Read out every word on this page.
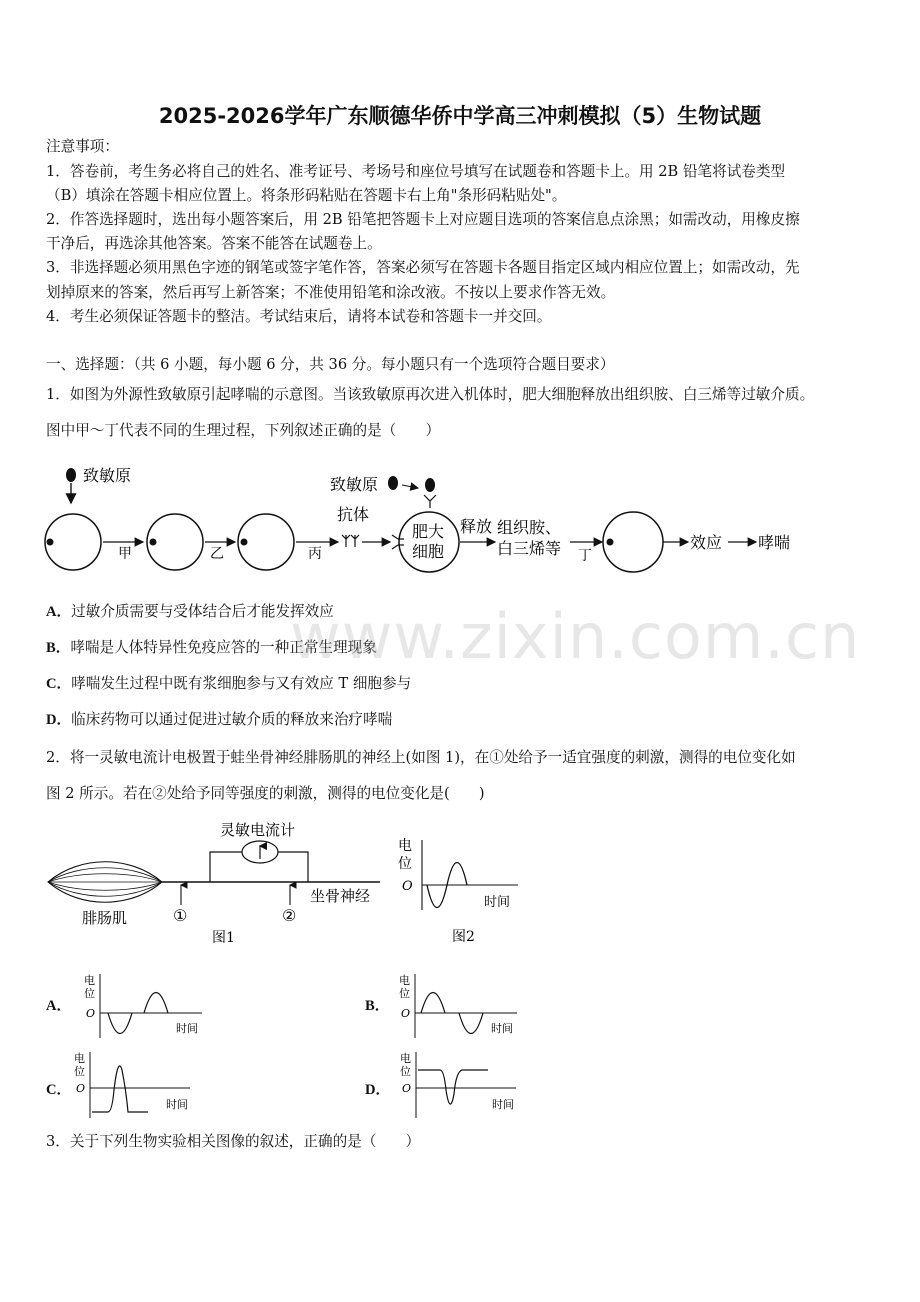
2025-2026学年广东顺德华侨中学高三冲刺模拟（5）生物试题
注意事项：
1．答卷前，考生务必将自己的姓名、准考证号、考场号和座位号填写在试题卷和答题卡上。用 2B 铅笔将试卷类型
（B）填涂在答题卡相应位置上。将条形码粘贴在答题卡右上角"条形码粘贴处"。
2．作答选择题时，选出每小题答案后，用 2B 铅笔把答题卡上对应题目选项的答案信息点涂黑；如需改动，用橡皮擦
干净后，再选涂其他答案。答案不能答在试题卷上。
3．非选择题必须用黑色字迹的钢笔或签字笔作答，答案必须写在答题卡各题目指定区域内相应位置上；如需改动，先
划掉原来的答案，然后再写上新答案；不准使用铅笔和涂改液。不按以上要求作答无效。
4．考生必须保证答题卡的整洁。考试结束后，请将本试卷和答题卡一并交回。
一、选择题：（共 6 小题，每小题 6 分，共 36 分。每小题只有一个选项符合题目要求）
1．如图为外源性致敏原引起哮喘的示意图。当该致敏原再次进入机体时，肥大细胞释放出组织胺、白三烯等过敏介质。
图中甲～丁代表不同的生理过程，下列叙述正确的是（　　）
致敏原
甲	乙	丙
抗体
致敏原
肥大
细胞
释放 组织胺、
白三烯等 丁
效应 哮喘
A．过敏介质需要与受体结合后才能发挥效应
B．哮喘是人体特异性免疫应答的一种正常生理现象
C．哮喘发生过程中既有浆细胞参与又有效应 T 细胞参与
D．临床药物可以通过促进过敏介质的释放来治疗哮喘
2．将一灵敏电流计电极置于蛙坐骨神经腓肠肌的神经上(如图 1)，在①处给予一适宜强度的刺激，测得的电位变化如
图 2 所示。若在②处给予同等强度的刺激，测得的电位变化是(　　)
灵敏电流计
①	②
坐骨神经
腓肠肌
图1
电
位
O
时间
图2
A．
电
位
O
时间
B．
电
位
O
时间
C．
电
位
O
时间
D．
电
位
O
时间
3．关于下列生物实验相关图像的叙述，正确的是（　　）
www.zixin.com.cn
